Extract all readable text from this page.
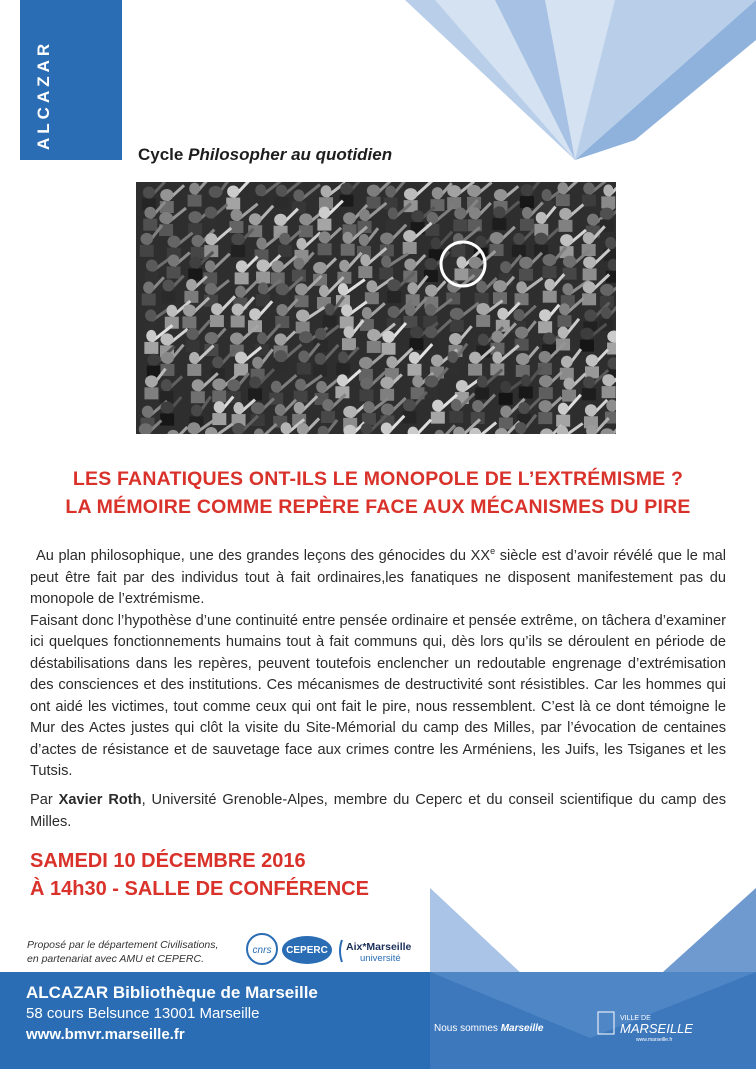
ALCAZAR
Cycle Philosopher au quotidien
LES FANATIQUES ONT-ILS LE MONOPOLE DE L’EXTRÉMISME ?
LA MÉMOIRE COMME REPÈRE FACE AUX MÉCANISMES DU PIRE

Au plan philosophique, une des grandes leçons des génocides du XXe siècle est d’avoir révélé que le mal peut être fait par des individus tout à fait ordinaires,les fanatiques ne disposent manifestement pas du monopole de l’extrémisme.

Faisant donc l’hypothèse d’une continuité entre pensée ordinaire et pensée extrême, on tâchera d’examiner ici quelques fonctionnements humains tout à fait communs qui, dès lors qu’ils se déroulent en période de déstabilisations dans les repères, peuvent toutefois enclencher un redoutable engrenage d’extrémisation des consciences et des institutions. Ces mécanismes de destructivité sont résistibles. Car les hommes qui ont aidé les victimes, tout comme ceux qui ont fait le pire, nous ressemblent. C’est là ce dont témoigne le Mur des Actes justes qui clôt la visite du Site-Mémorial du camp des Milles, par l’évocation de centaines d’actes de résistance et de sauvetage face aux crimes contre les Arméniens, les Juifs, les Tsiganes et les Tutsis.

Par Xavier Roth, Université Grenoble-Alpes, membre du Ceperc et du conseil scientifique du camp des Milles.

SAMEDI 10 DÉCEMBRE 2016
À 14h30 - SALLE DE CONFÉRENCE
Proposé par le département Civilisations,
en partenariat avec AMU et CEPERC.
cnrs CEPERC Aix*Marseille
université
ALCAZAR Bibliothèque de Marseille
58 cours Belsunce 13001 Marseille
www.bmvr.marseille.fr	Nous sommes Marseille
VILLE DE
MARSEILLE
www.marseille.fr
